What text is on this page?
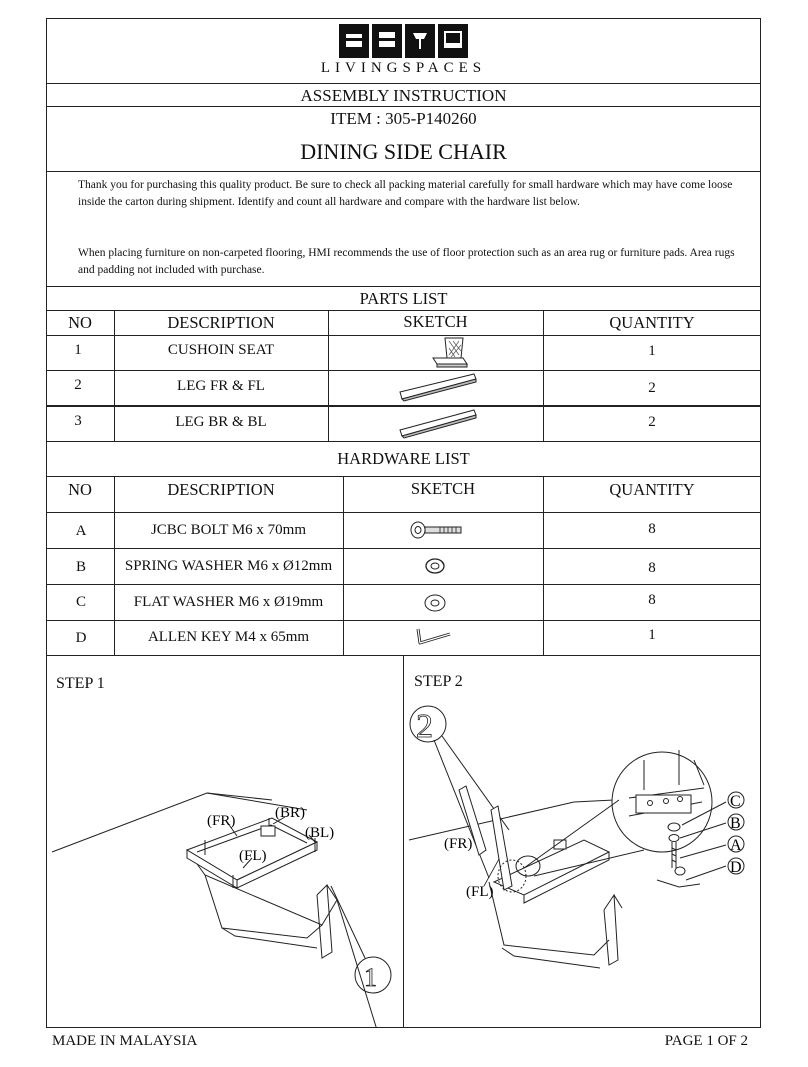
LIVINGSPACES
ASSEMBLY INSTRUCTION
ITEM : 305-P140260
DINING SIDE CHAIR
Thank you for purchasing this quality product. Be sure to check all packing material carefully for small hardware which may have come loose inside the carton during shipment. Identify and count all hardware and compare with the hardware list below.
When placing furniture on non-carpeted flooring, HMI recommends the use of floor protection such as an area rug or furniture pads. Area rugs and padding not included with purchase.
PARTS LIST
NO	DESCRIPTION	SKETCH	QUANTITY
1	CUSHOIN SEAT	1
2	LEG FR & FL	2
3	LEG BR & BL	2
HARDWARE LIST
NO	DESCRIPTION	SKETCH	QUANTITY
A	JCBC BOLT M6 x 70mm	8
B	SPRING WASHER M6 x Ø12mm	8
C	FLAT WASHER M6 x Ø19mm	8
D	ALLEN KEY M4 x 65mm	1
STEP 1	STEP 2
(FR)	(BR)
(BL)
(FL)
1
2
(FR)
(FL)
C
B
A
D
MADE IN MALAYSIA	PAGE 1 OF 2
